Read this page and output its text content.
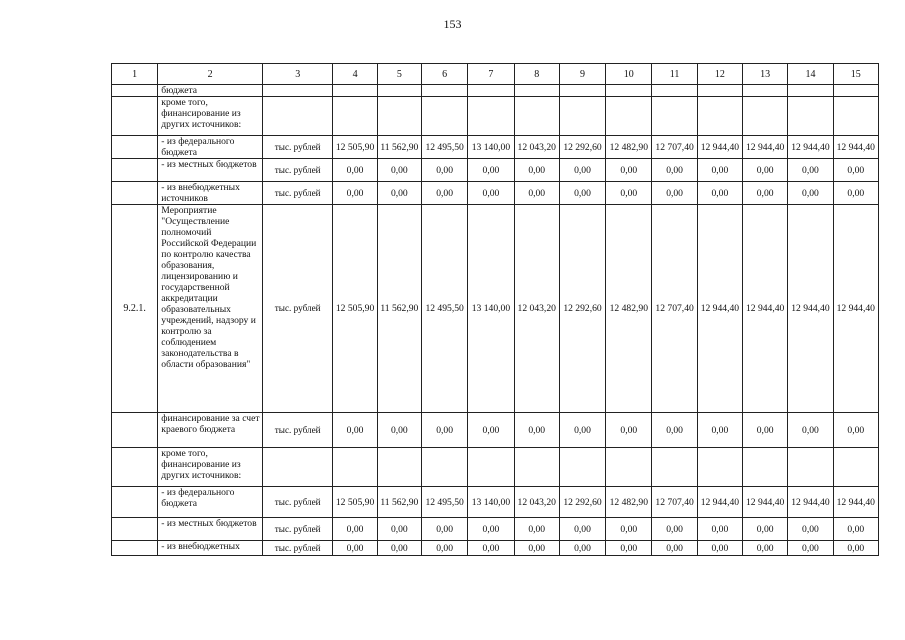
153
1	2	3	4	5	6	7	8	9	10	11	12	13	14	15
	бюджета													
	кроме того, финансирование из других источников:													
	- из федерального бюджета	тыс. рублей	12 505,90	11 562,90	12 495,50	13 140,00	12 043,20	12 292,60	12 482,90	12 707,40	12 944,40	12 944,40	12 944,40	12 944,40
	- из местных бюджетов	тыс. рублей	0,00	0,00	0,00	0,00	0,00	0,00	0,00	0,00	0,00	0,00	0,00	0,00
	- из внебюджетных источников	тыс. рублей	0,00	0,00	0,00	0,00	0,00	0,00	0,00	0,00	0,00	0,00	0,00	0,00
9.2.1.	Мероприятие "Осуществление полномочий Российской Федерации по контролю качества образования, лицензированию и государственной аккредитации образовательных учреждений, надзору и контролю за соблюдением законодательства в области образования"	тыс. рублей	12 505,90	11 562,90	12 495,50	13 140,00	12 043,20	12 292,60	12 482,90	12 707,40	12 944,40	12 944,40	12 944,40	12 944,40
	финансирование за счет краевого бюджета	тыс. рублей	0,00	0,00	0,00	0,00	0,00	0,00	0,00	0,00	0,00	0,00	0,00	0,00
	кроме того, финансирование из других источников:													
	- из федерального бюджета	тыс. рублей	12 505,90	11 562,90	12 495,50	13 140,00	12 043,20	12 292,60	12 482,90	12 707,40	12 944,40	12 944,40	12 944,40	12 944,40
	- из местных бюджетов	тыс. рублей	0,00	0,00	0,00	0,00	0,00	0,00	0,00	0,00	0,00	0,00	0,00	0,00
	- из внебюджетных	тыс. рублей	0,00	0,00	0,00	0,00	0,00	0,00	0,00	0,00	0,00	0,00	0,00	0,00
